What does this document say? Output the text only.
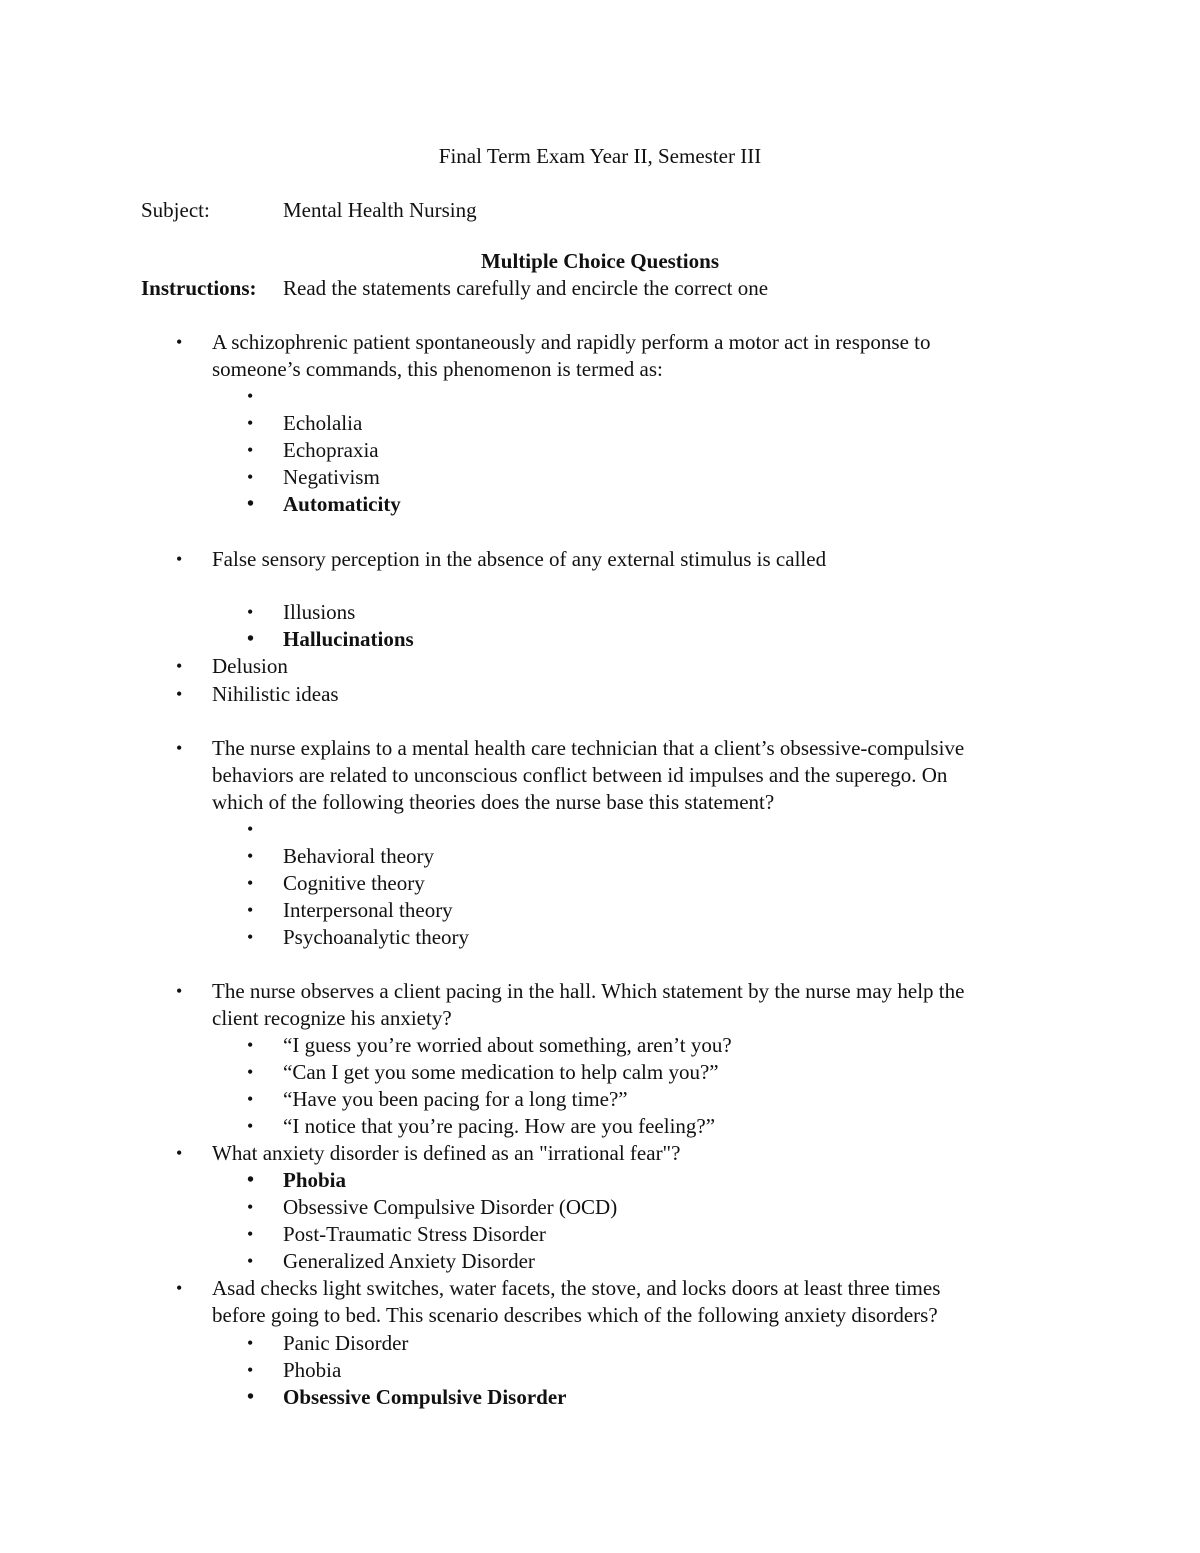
Final Term Exam Year II, Semester III
Subject:	Mental Health Nursing
Multiple Choice Questions
Instructions: Read the statements carefully and encircle the correct one
• A schizophrenic patient spontaneously and rapidly perform a motor act in response to
someone’s commands, this phenomenon is termed as:
•
• Echolalia
• Echopraxia
• Negativism
• Automaticity
• False sensory perception in the absence of any external stimulus is called
• Illusions
• Hallucinations
• Delusion
• Nihilistic ideas
• The nurse explains to a mental health care technician that a client’s obsessive-compulsive
behaviors are related to unconscious conflict between id impulses and the superego. On
which of the following theories does the nurse base this statement?
•
• Behavioral theory
• Cognitive theory
• Interpersonal theory
• Psychoanalytic theory
• The nurse observes a client pacing in the hall. Which statement by the nurse may help the
client recognize his anxiety?
• “I guess you’re worried about something, aren’t you?
• “Can I get you some medication to help calm you?”
• “Have you been pacing for a long time?”
• “I notice that you’re pacing. How are you feeling?”
• What anxiety disorder is defined as an "irrational fear"?
• Phobia
• Obsessive Compulsive Disorder (OCD)
• Post-Traumatic Stress Disorder
• Generalized Anxiety Disorder
• Asad checks light switches, water facets, the stove, and locks doors at least three times
before going to bed. This scenario describes which of the following anxiety disorders?
• Panic Disorder
• Phobia
• Obsessive Compulsive Disorder
